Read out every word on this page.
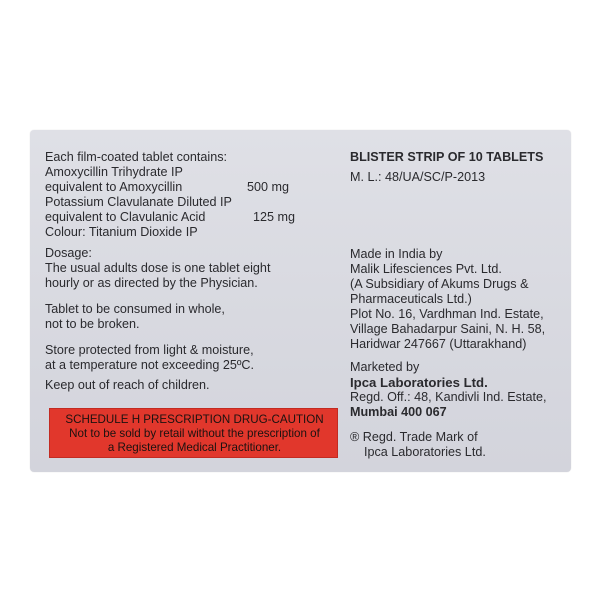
Each film-coated tablet contains:
Amoxycillin Trihydrate IP
equivalent to Amoxycillin	500 mg
Potassium Clavulanate Diluted IP
equivalent to Clavulanic Acid	125 mg
Colour: Titanium Dioxide IP
Dosage:
The usual adults dose is one tablet eight
hourly or as directed by the Physician.
Tablet to be consumed in whole,
not to be broken.
Store protected from light & moisture,
at a temperature not exceeding 25ºC.
Keep out of reach of children.
SCHEDULE H PRESCRIPTION DRUG-CAUTION
Not to be sold by retail without the prescription of
a Registered Medical Practitioner.
BLISTER STRIP OF 10 TABLETS
M. L.: 48/UA/SC/P-2013
Made in India by
Malik Lifesciences Pvt. Ltd.
(A Subsidiary of Akums Drugs &
Pharmaceuticals Ltd.)
Plot No. 16, Vardhman Ind. Estate,
Village Bahadarpur Saini, N. H. 58,
Haridwar 247667 (Uttarakhand)
Marketed by
Ipca Laboratories Ltd.
Regd. Off.: 48, Kandivli Ind. Estate,
Mumbai 400 067
® Regd. Trade Mark of
Ipca Laboratories Ltd.
